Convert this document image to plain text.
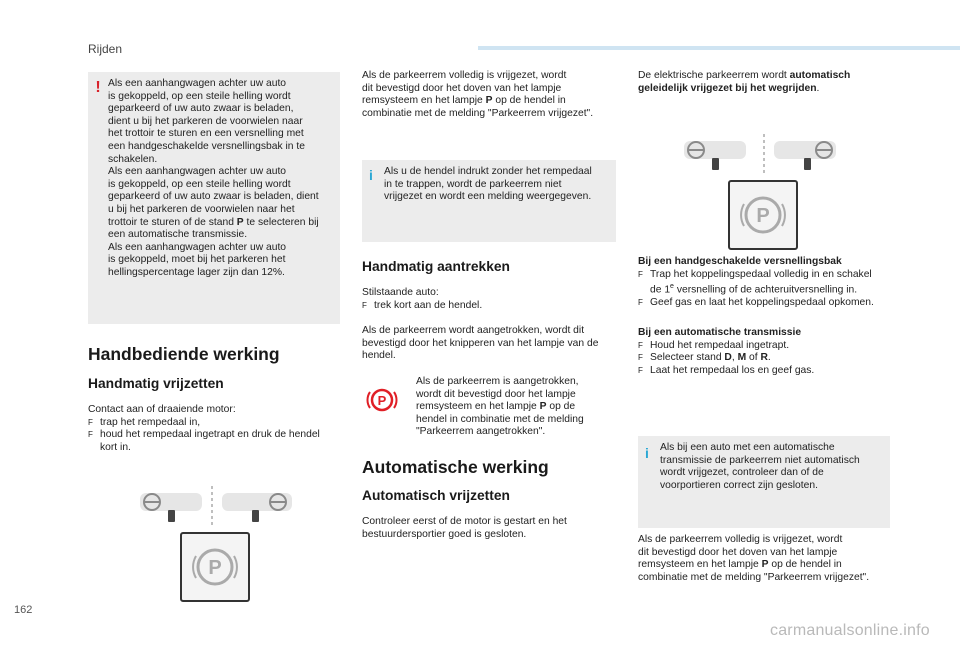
Rijden
! Als een aanhangwagen achter uw auto

is gekoppeld, op een steile helling wordt

geparkeerd of uw auto zwaar is beladen,

dient u bij het parkeren de voorwielen naar

het trottoir te sturen en een versnelling met

een handgeschakelde versnellingsbak in te

schakelen.

Als een aanhangwagen achter uw auto

is gekoppeld, op een steile helling wordt

geparkeerd of uw auto zwaar is beladen, dient

u bij het parkeren de voorwielen naar het

trottoir te sturen of de stand P te selecteren bij

een automatische transmissie.

Als een aanhangwagen achter uw auto

is gekoppeld, moet bij het parkeren het

hellingspercentage lager zijn dan 12%.

Handbediende werking
Handmatig vrijzetten

Contact aan of draaiende motor:

F trap het rempedaal in,
F houd het rempedaal ingetrapt en druk de hendel
kort in.
P

Als de parkeerrem volledig is vrijgezet, wordt

dit bevestigd door het doven van het lampje

remsysteem en het lampje P op de hendel in

combinatie met de melding "Parkeerrem vrijgezet".

i Als u de hendel indrukt zonder het rempedaal

in te trappen, wordt de parkeerrem niet

vrijgezet en wordt een melding weergegeven.

Handmatig aantrekken

Stilstaande auto:

F trek kort aan de hendel.

Als de parkeerrem wordt aangetrokken, wordt dit

bevestigd door het knipperen van het lampje van de

hendel.

P

Als de parkeerrem is aangetrokken,

wordt dit bevestigd door het lampje

remsysteem en het lampje P op de

hendel in combinatie met de melding

"Parkeerrem aangetrokken".

Automatische werking
Automatisch vrijzetten

Controleer eerst of de motor is gestart en het

bestuurdersportier goed is gesloten.

De elektrische parkeerrem wordt automatisch

geleidelijk vrijgezet bij het wegrijden.

P

Bij een handgeschakelde versnellingsbak

F Trap het koppelingspedaal volledig in en schakel
de 1e versnelling of de achteruitversnelling in.
F Geef gas en laat het koppelingspedaal opkomen.

Bij een automatische transmissie

F Houd het rempedaal ingetrapt.
F Selecteer stand D, M of R.
F Laat het rempedaal los en geef gas.
i Als bij een auto met een automatische

transmissie de parkeerrem niet automatisch

wordt vrijgezet, controleer dan of de

voorportieren correct zijn gesloten.

Als de parkeerrem volledig is vrijgezet, wordt

dit bevestigd door het doven van het lampje

remsysteem en het lampje P op de hendel in

combinatie met de melding "Parkeerrem vrijgezet".

162
carmanualsonline.info
